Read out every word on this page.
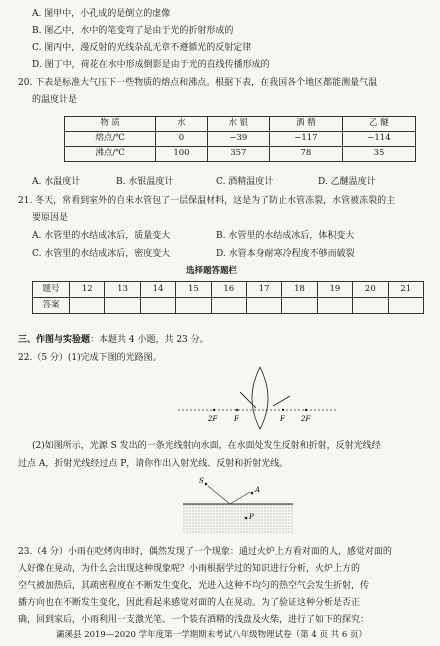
A. 图甲中，小孔成的是倒立的虚像
B. 图乙中，水中的笔变弯了是由于光的折射形成的
C. 图丙中，漫反射的光线杂乱无章不遵循光的反射定律
D. 图丁中，荷花在水中形成倒影是由于光的直线传播形成的
20. 下表是标准大气压下一些物质的熔点和沸点。根据下表，在我国各个地区都能测量气温
的温度计是
物 质	水	水 银	酒 精	乙 醚
熔点/℃	0	−39	−117	−114
沸点/℃	100	357	78	35
A. 水温度计	B. 水银温度计	C. 酒精温度计	D. 乙醚温度计
21. 冬天，常看到室外的自来水管包了一层保温材料，这是为了防止水管冻裂，水管被冻裂的主
要原因是
A. 水管里的水结成冰后，质量变大	B. 水管里的水结成冰后，体积变大
C. 水管里的水结成冰后，密度变大	D. 水管本身耐寒冷程度不够而破裂
选择题答题栏
题号	12	13	14	15	16	17	18	19	20	21
答案										
三、作图与实验题：本题共 4 小题，共 23 分。
22.（5 分）(1)完成下图的光路图。
2F F	F 2F
(2)如图所示，光源 S 发出的一条光线射向水面，在水面处发生反射和折射，反射光线经
过点 A，折射光线经过点 P，请你作出入射光线、反射和折射光线。
S
A
P
23.（4 分）小雨在吃烤肉串时，偶然发现了一个现象：通过火炉上方看对面的人，感觉对面的
人好像在晃动，为什么会出现这种现象呢？小雨根据学过的知识进行分析，火炉上方的
空气被加热后，其疏密程度在不断发生变化，光进入这种不均匀的热空气会发生折射，传
播方向也在不断发生变化，因此看起来感觉对面的人在晃动。为了验证这种分析是否正
确，回到家后，小雨利用一支激光笔、一个装有酒精的浅盘及火柴，进行了如下的探究：
灞溪县 2019—2020 学年度第一学期期末考试八年级物理试卷（第 4 页 共 6 页）
